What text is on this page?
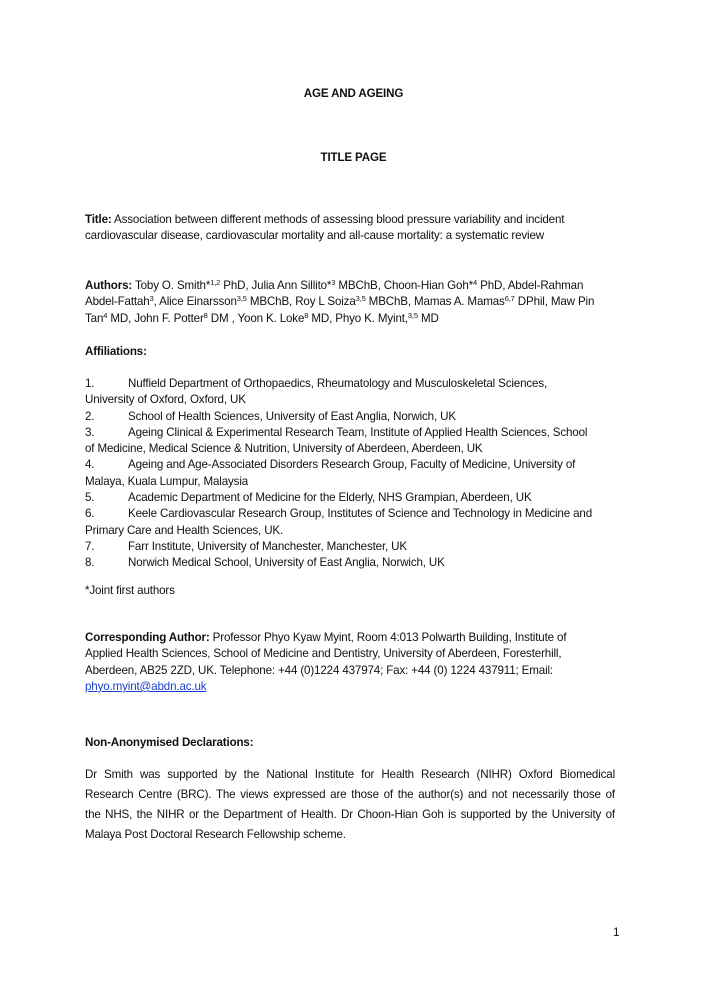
AGE AND AGEING
TITLE PAGE
Title: Association between different methods of assessing blood pressure variability and incident
cardiovascular disease, cardiovascular mortality and all-cause mortality: a systematic review
Authors: Toby O. Smith*$^{1,2}$ PhD, Julia Ann Sillito*$^3$ MBChB, Choon-Hian Goh*$^4$ PhD, Abdel-Rahman
Abdel-Fattah$^3$, Alice Einarsson$^{3,5}$ MBChB, Roy L Soiza$^{3,5}$ MBChB, Mamas A. Mamas$^{6,7}$ DPhil, Maw Pin
Tan$^4$ MD, John F. Potter$^8$ DM , Yoon K. Loke$^8$ MD, Phyo K. Myint,$^{3,5}$ MD
Affiliations:
1.	Nuffield Department of Orthopaedics, Rheumatology and Musculoskeletal Sciences,
University of Oxford, Oxford, UK
2.	School of Health Sciences, University of East Anglia, Norwich, UK
3.	Ageing Clinical & Experimental Research Team, Institute of Applied Health Sciences, School
of Medicine, Medical Science & Nutrition, University of Aberdeen, Aberdeen, UK
4.	Ageing and Age-Associated Disorders Research Group, Faculty of Medicine, University of
Malaya, Kuala Lumpur, Malaysia
5.	Academic Department of Medicine for the Elderly, NHS Grampian, Aberdeen, UK
6.	Keele Cardiovascular Research Group, Institutes of Science and Technology in Medicine and
Primary Care and Health Sciences, UK.
7.	Farr Institute, University of Manchester, Manchester, UK
8.	Norwich Medical School, University of East Anglia, Norwich, UK
*Joint first authors
Corresponding Author: Professor Phyo Kyaw Myint, Room 4:013 Polwarth Building, Institute of
Applied Health Sciences, School of Medicine and Dentistry, University of Aberdeen, Foresterhill,
Aberdeen, AB25 2ZD, UK. Telephone: +44 (0)1224 437974; Fax: +44 (0) 1224 437911; Email:
phyo.myint@abdn.ac.uk
Non-Anonymised Declarations:
Dr Smith was supported by the National Institute for Health Research (NIHR) Oxford Biomedical
Research Centre (BRC). The views expressed are those of the author(s) and not necessarily those of
the NHS, the NIHR or the Department of Health. Dr Choon-Hian Goh is supported by the University of
Malaya Post Doctoral Research Fellowship scheme.
1
